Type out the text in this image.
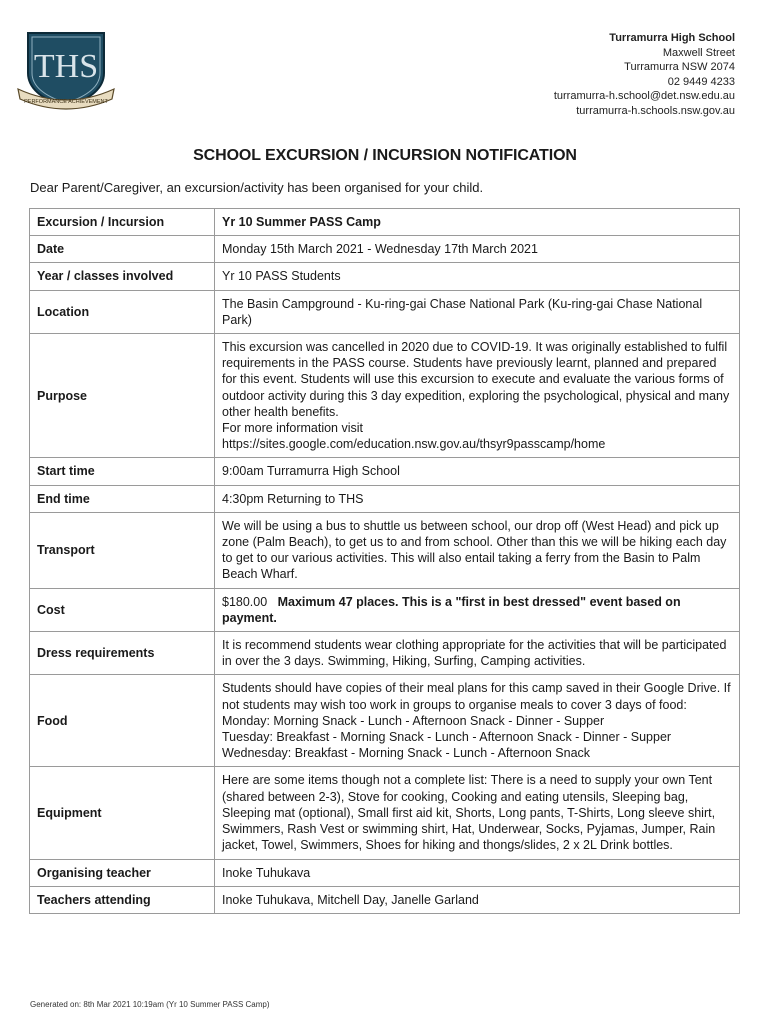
THS
PERFORMANCE ACHIEVEMENT
Turramurra High School
Maxwell Street
Turramurra NSW 2074
02 9449 4233
turramurra-h.school@det.nsw.edu.au
turramurra-h.schools.nsw.gov.au
SCHOOL EXCURSION / INCURSION NOTIFICATION
Dear Parent/Caregiver, an excursion/activity has been organised for your child.
Excursion / Incursion	Yr 10 Summer PASS Camp
Date	Monday 15th March 2021 - Wednesday 17th March 2021
Year / classes involved	Yr 10 PASS Students
Location	The Basin Campground - Ku-ring-gai Chase National Park (Ku-ring-gai Chase National Park)
Purpose	This excursion was cancelled in 2020 due to COVID-19. It was originally established to fulfil requirements in the PASS course. Students have previously learnt, planned and prepared for this event. Students will use this excursion to execute and evaluate the various forms of outdoor activity during this 3 day expedition, exploring the psychological, physical and many other health benefits.
For more information visit
https://sites.google.com/education.nsw.gov.au/thsyr9passcamp/home
Start time	9:00am Turramurra High School
End time	4:30pm Returning to THS
Transport	We will be using a bus to shuttle us between school, our drop off (West Head) and pick up zone (Palm Beach), to get us to and from school. Other than this we will be hiking each day to get to our various activities. This will also entail taking a ferry from the Basin to Palm Beach Wharf.
Cost	$180.00 Maximum 47 places. This is a "first in best dressed" event based on payment.
Dress requirements	It is recommend students wear clothing appropriate for the activities that will be participated in over the 3 days. Swimming, Hiking, Surfing, Camping activities.
Food	Students should have copies of their meal plans for this camp saved in their Google Drive. If not students may wish too work in groups to organise meals to cover 3 days of food:
Monday: Morning Snack - Lunch - Afternoon Snack - Dinner - Supper
Tuesday: Breakfast - Morning Snack - Lunch - Afternoon Snack - Dinner - Supper
Wednesday: Breakfast - Morning Snack - Lunch - Afternoon Snack

Equipment	Here are some items though not a complete list: There is a need to supply your own Tent (shared between 2-3), Stove for cooking, Cooking and eating utensils, Sleeping bag, Sleeping mat (optional), Small first aid kit, Shorts, Long pants, T-Shirts, Long sleeve shirt, Swimmers, Rash Vest or swimming shirt, Hat, Underwear, Socks, Pyjamas, Jumper, Rain jacket, Towel, Swimmers, Shoes for hiking and thongs/slides, 2 x 2L Drink bottles.
Organising teacher	Inoke Tuhukava
Teachers attending	Inoke Tuhukava, Mitchell Day, Janelle Garland
Generated on: 8th Mar 2021 10:19am (Yr 10 Summer PASS Camp)
